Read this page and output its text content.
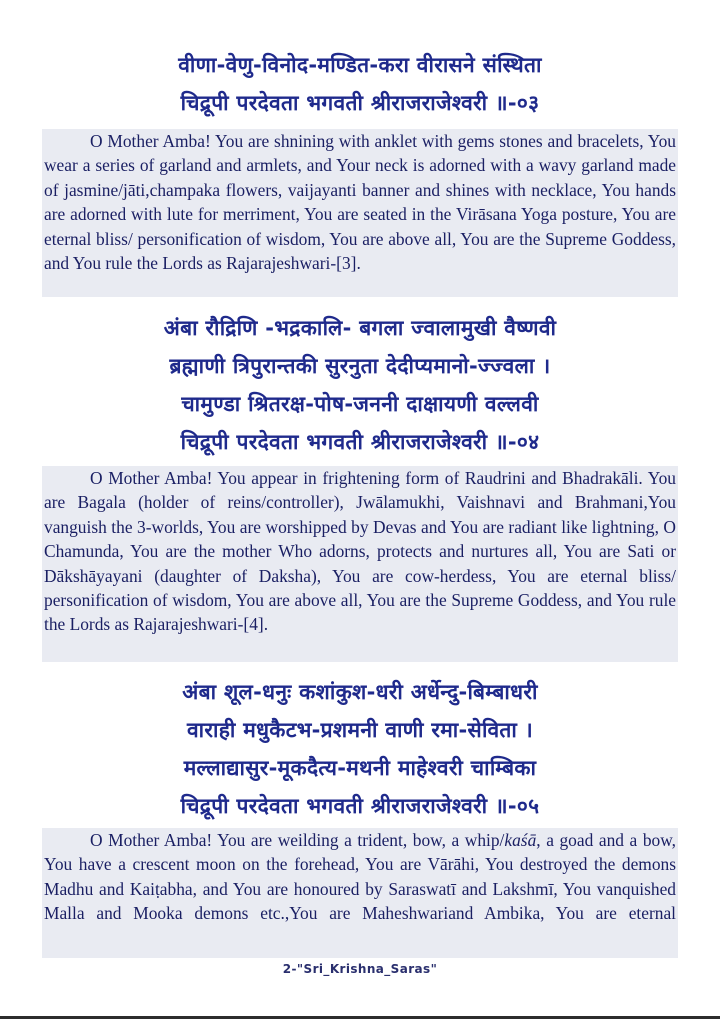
वीणा-वेणु-विनोद-मण्डित-करा वीरासने संस्थिता
चिद्रूपी परदेवता भगवती श्रीराजराजेश्वरी ॥-०३

O Mother Amba! You are shnining with anklet with gems stones and bracelets, You wear a series of garland and armlets, and Your neck is adorned with a wavy garland made of jasmine/jāti,champaka flowers, vaijayanti banner and shines with necklace, You hands are adorned with lute for merriment, You are seated in the Virāsana Yoga posture, You are eternal bliss/ personification of wisdom, You are above all, You are the Supreme Goddess, and You rule the Lords as Rajarajeshwari-[3].

अंबा रौद्रिणि -भद्रकालि- बगला ज्वालामुखी वैष्णवी
ब्रह्माणी त्रिपुरान्तकी सुरनुता देदीप्यमानो-ज्ज्वला ।
चामुण्डा श्रितरक्ष-पोष-जननी दाक्षायणी वल्लवी
चिद्रूपी परदेवता भगवती श्रीराजराजेश्वरी ॥-०४

O Mother Amba! You appear in frightening form of Raudrini and Bhadrakāli. You are Bagala (holder of reins/controller), Jwālamukhi, Vaishnavi and Brahmani,You vanguish the 3-worlds, You are worshipped by Devas and You are radiant like lightning, O Chamunda, You are the mother Who adorns, protects and nurtures all, You are Sati or Dākshāyayani (daughter of Daksha), You are cow-herdess, You are eternal bliss/ personification of wisdom, You are above all, You are the Supreme Goddess, and You rule the Lords as Rajarajeshwari-[4].

अंबा शूल-धनुः कशांकुश-धरी अर्धेन्दु-बिम्बाधरी
वाराही मधुकैटभ-प्रशमनी वाणी रमा-सेविता ।
मल्लाद्यासुर-मूकदैत्य-मथनी माहेश्वरी चाम्बिका
चिद्रूपी परदेवता भगवती श्रीराजराजेश्वरी ॥-०५

O Mother Amba! You are weilding a trident, bow, a whip/kaśā, a goad and a bow, You have a crescent moon on the forehead, You are Vārāhi, You destroyed the demons Madhu and Kaiṭabha, and You are honoured by Saraswatī and Lakshmī, You vanquished Malla and Mooka demons etc.,You are Maheshwariand Ambika, You are eternal

2-"Sri_Krishna_Saras"
